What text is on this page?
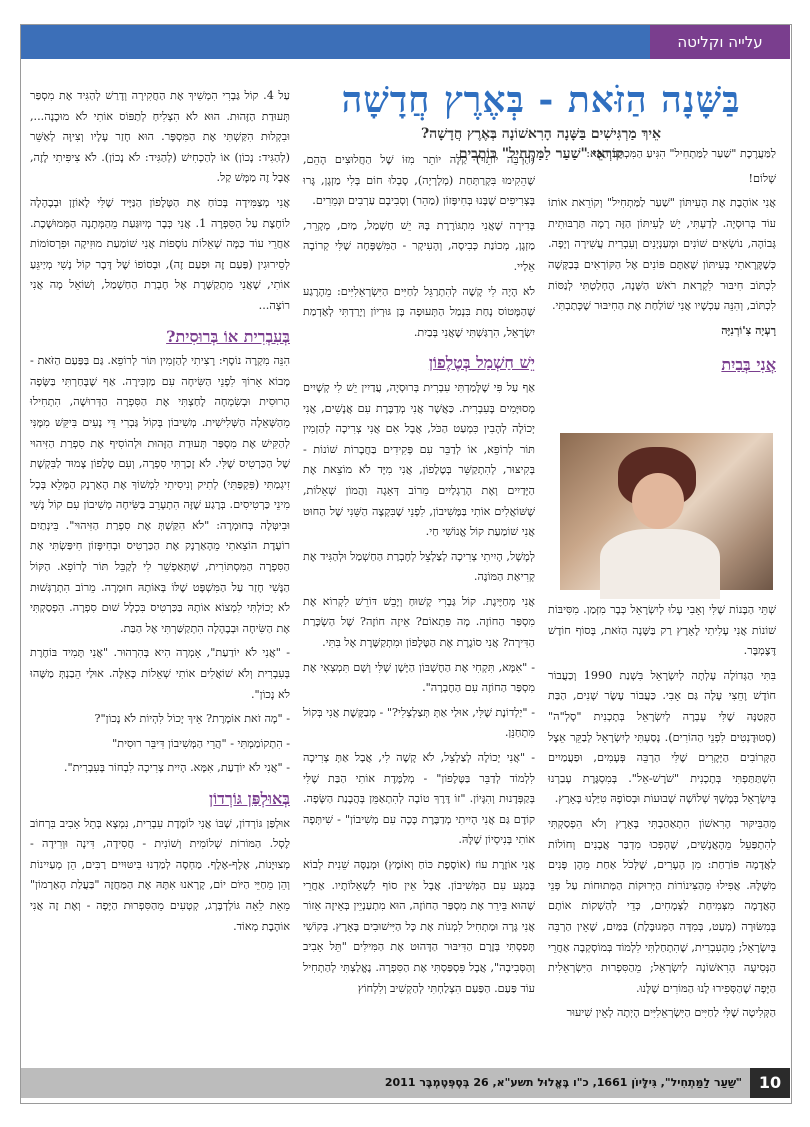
עלייה וקליטה
בַּשָּׁנָה הַזֹּאת - בְּאֶרֶץ חֲדָשָׁה
אֵיךְ מַרְגִּישִׁים בַּשָּׁנָה הָרִאשׁוֹנָה בְּאֶרֶץ חֲדָשָׁה?
קוֹרְאֵי "שַׁעַר לַמַּתְחִיל" כּוֹתְבִים

לַמַּעֲרֶכֶת "שַׁעַר לַמַּתְחִיל" הִגִּיעַ הַמִּכְתָּב הַבָּא:

שָׁלוֹם!

אֲנִי אוֹהֶבֶת אֶת הָעִיתּוֹן "שַׁעַר לַמַּתְחִיל" וְקוֹרֵאת אוֹתוֹ עוֹד בְּרוּסְיָה. לְדַעְתִּי, יֵשׁ לָעִיתּוֹן הַזֶּה רָמָה תַּרְבּוּתִית גְּבוֹהָה, נוֹשְׂאִים שׁוֹנִים וּמְעַנְיְנִים וְעִבְרִית עֲשִׁירָה וְיָפָה. כְּשֶׁקָּרָאתִי בָּעִיתּוֹן שֶׁאַתֶּם פּוֹנִים אֶל הַקּוֹרְאִים בְּבַקָּשָׁה לִכְתּוֹב חִיבּוּר לִקְרַאת רֹאשׁ הַשָּׁנָה, הֶחְלַטְתִּי לְנַסּוֹת לִכְתּוֹב, וְהִנֵּה עַכְשָׁיו אֲנִי שׁוֹלַחַת אֶת הַחִיבּוּר שֶׁכָּתַבְתִּי.

רָעְיָה צִ'וֹרְנִיָּה

אֲנִי בְּבַיִת

שְׁתֵּי הַבָּנוֹת שֶׁלִּי וְאָבִי עָלוּ לְיִשְׂרָאֵל כְּבָר מִזְּמַן. מִסִּיבּוֹת שׁוֹנוֹת אֲנִי עָלִיתִי לָאָרֶץ רַק בַּשָּׁנָה הַזֹּאת, בְּסוֹף חוֹדֶשׁ דֶּצֶמְבֶּר.

בִּתִּי הַגְּדוֹלָה עָלְתָה לְיִשְׂרָאֵל בִּשְׁנַת 1990 וְכַעֲבוֹר חוֹדֶשׁ וָחֵצִי עָלָה גַּם אָבִי. כַּעֲבוֹר עֶשֶׂר שָׁנִים, הַבַּת הַקְּטַנָּה שֶׁלִּי עָבְרָה לְיִשְׂרָאֵל בְּתָכְנִית "סָלְ"ה" (סְטוּדֶנְטִים לִפְנֵי הַהוֹרִים). נָסַעְתִּי לְיִשְׂרָאֵל לְבַקֵּר אֵצֶל הַקְּרוֹבִים הַיְּקָרִים שֶׁלִּי הַרְבֵּה פְּעָמִים, וּפַעֲמַיִים הִשְׁתַּתַּפְתִּי בְּתָכְנִית "שֹׁרֶשׁ-אֵל". בְּמִסְגֶּרֶת עָבַרְנוּ בְּיִשְׂרָאֵל בְּמֶשֶׁךְ שְׁלוֹשָׁה שָׁבוּעוֹת וּבְסוֹפָהּ טִיַּלְנוּ בָּאָרֶץ.

מֵהַבִּיקּוּר הָרִאשׁוֹן הִתְאַהַבְתִּי בָּאָרֶץ וְלֹא הִפְסַקְתִּי לְהִתְפַּעֵל מֵהָאֲנָשִׁים, שֶׁהָפְכוּ מִדְבַּר אֲבָנִים וְחוֹלוֹת לַאֲדָמָה פּוֹרַחַת: מִן הֶעָרִים, שֶׁלְּכֹל אַחַת מֵהֶן פָּנִים מִשֶּׁלָּהּ. אֲפִילוּ מֵהַצִּינוֹרוֹת הַיְּרוּקוֹת הַמְּתוּחוֹת עַל פְּנֵי הָאֲדָמָה מִצְּמִיחַת לַצְּמָחִים, כְּדֵי לְהַשְׁקוֹת אוֹתָם בְּמִשּׂוּרָה (מְעַט, בְּמִדָּה הַמְּגוּבֶּלֶת) בַּמַּיִם, שֶׁאֵין הַרְבֵּה בְּיִשְׂרָאֵל; מֵהָעִבְרִית, שֶׁהִתְחַלְתִּי לִלְמוֹד בְּמוֹסְקְבָה אַחֲרֵי הַנְּסִיעָה הָרִאשׁוֹנָה לְיִשְׂרָאֵל; מֵהַסִּפְרוּת הַיִּשְׂרְאֵלִית הַיָּפָה שֶׁהַסְּפִירוּ לָנוּ הַמּוֹרִים שֶׁלָּנוּ.

הַקְּלִיטָה שֶׁלִּי לַחַיִּים הַיִּשְׂרְאֵלִיִּים הָיְתָה לְאֵין שִׁיעוּר

(הַרְבֵּה יוֹתֵר) קַלָּה יוֹתֵר מִזּוֹ שֶׁל הַחֲלוּצִים הָהֵם, שֶׁהֵקִימוּ בִּקְרַתְּחַת (מְלָרְיָה), סָבְלוּ חוֹם בְּלִי מַזְגָן, גָּרוּ בְּצְרִיפִים שֶׁבָּנוּ בְּחִיפָּזוֹן (מַהֵר) וְסְבִיבָם עַרְבִים וּנְמֵרִים.

בְּדִירָה שֶׁאֲנִי מִתְגּוֹרֶרֶת בָּהּ יֵשׁ חַשְׁמַל, מַיִם, מְקָרֵר, מַזְגָן, מְכוֹנַת כְּבִיסָה, וְהָעִיקָר - הַמִּשְׁפָּחָה שֶׁלִּי קְרוֹבָה אֵלַיי.

לֹא הָיָה לִי קָשֶׁה לְהִתְרַגֵּל לַחַיִּים הַיִּשְׂרְאֵלִיִּים: מֵהָרֶגַע שֶׁהַמָּטוֹס נָחַת בִּנְמַל הַתְּעוּפָה בֶּן גּוּרְיוֹן וְיָרַדְתִּי לְאַדְמַת יִשְׂרָאֵל, הִרְגַּשְׁתִּי שֶׁאֲנִי בְּבַיִת.

יֵשׁ חַשְׁמַל בְּטֶלֶפוֹן

אַף עַל פִּי שֶׁלָּמַדְתִּי עִבְרִית בְּרוּסְיָה, עֲדַיִין יֵשׁ לִי קְשָׁיִים מְסוּיָּמִים בָּעִבְרִית. כַּאֲשֶׁר אֲנִי מְדַבֶּרֶת עִם אֲנָשִׁים, אֲנִי יְכוֹלָה לְהָבִין כִּמְעַט הַכֹּל, אֲבָל אִם אֲנִי צְרִיכָה לְהַזְמִין תּוֹר לְרוֹפֵא, אוֹ לְדַבֵּר עִם פְּקִידִים בַּחֲבָרוֹת שׁוֹנוֹת - בְּקִיצּוּר, לְהִתְקַשֵּׁר בְּטֶלֶפוֹן, אֲנִי מִיָּד לֹא מוֹצֵאת אֶת הַיָּדַיִים וְאֶת הָרַגְלַיִים מֵרוֹב דְּאָגָה וַהֲמוֹן שְׁאֵלוֹת, שֶׁשּׁוֹאֲלִים אוֹתִי בַּמֶּשִׁיבוֹן, לִפְנֵי שֶׁבִּקְצֶה הַשֵּׁנִי שֶׁל הַחוּט אֲנִי שׁוֹמַעַת קוֹל אֱנוֹשִׁי חַי.

לְמָשָׁל, הָיִיתִי צְרִיכָה לְצַלְצֵל לְחֶבְרַת הַחַשְׁמַל וּלְהַגִּיד אֶת קְרִיאַת הַמּוֹנֶה.

אֲנִי מְחַיֶּיגֶת. קוֹל גַּבְרִי קָשׁוּחַ וְיָבֵשׁ דּוֹרֵשׁ לִקְרוֹא אֶת מִסְפַּר הַחוֹזֶה. מָה פִּתְאוֹם? אֵיזֶה חוֹזֶה? שֶׁל הַשְׂכָּרַת הַדִּירָה? אֲנִי סוֹגֶרֶת אֶת הַטֶּלֶפוֹן וּמִתְקַשֶּׁרֶת אֶל בִּתִּי.

- "אִמָּא, תִּקְחִי אֶת הַחֶשְׁבּוֹן הַיָּשָׁן שֶׁלִּי וְשָׁם תִּמְצְאִי אֶת מִסְפַּר הַחוֹזֶה עִם הַחֶבְרָה".

- "יַלְדוֹנֶת שֶׁלִּי, אוּלַי אַתְּ תְּצַלְצְלִי?" - מְבַקֶּשֶׁת אֲנִי בְּקוֹל מִתְחַנֵּן.

- "אֲנִי יְכוֹלָה לְצַלְצֵל, לֹא קָשֶׁה לִי, אֲבָל אַתְּ צְרִיכָה לִלְמוֹד לְדַבֵּר בַּטֶּלֶפוֹן" - מְלַמֶּדֶת אוֹתִי הַבַּת שֶׁלִּי בְּקַפְּדָנוּת וְהִגָּיוֹן. "זוֹ דֶּרֶךְ טוֹבָה לְהִתְאַמֵּן בְּהֲבָנַת הַשָּׂפָה. קוֹדֶם גַּם אֲנִי הָיִיתִי מְדַבֶּרֶת כָּכָה עִם מְשִׁיבוֹן" - שִׁיתְּפָה אוֹתִי בְּנִיסְיוֹן שֶׁלָּהּ.

אֲנִי אוֹזֶרֶת עוֹז (אוֹסֶפֶת כּוֹחַ וְאוֹמֶץ) וּמְנַסָּה שֵׁנִית לְבוֹא בְּמַגָּע עִם הַמְּשִׁיבוֹן. אֲבָל אֵין סוֹף לִשְׁאֵלוֹתָיו. אַחֲרֵי שֶׁהוּא בֵּירֵר אֶת מִסְפַּר הַחוֹזֶה, הוּא מִתְעַנְיֵין בְּאֵיזֶה אֵזוֹר אֲנִי גָּרָה וּמַתְחִיל לִמְנוֹת אֶת כָּל הַיִּישׁוּבִים בָּאָרֶץ. בְּקוֹשִׁי תָּפַסְתִּי בְּזֶרֶם הַדִּיבּוּר הַדָּהוּט אֶת הַמִּילִּים "תֵּל אָבִיב וְהַסְּבִיבָה", אֲבָל פִּסְפַּסְתִּי אֶת הַסִּפְרָה. נֶאֱלַצְתִּי לְהַתְחִיל עוֹד פַּעַם. הַפַּעַם הִצְלַחְתִּי לְהַקְשִׁיב וְלִלְחוֹץ

עַל 4. קוֹל גַּבְרִי הִמְשִׁיךְ אֶת הַחֲקִירָה וְדָרַשׁ לְהַגִּיד אֶת מִסְפַּר תְּעוּדַת הַזֶּהוּת. הוּא לֹא הִצְלִיחַ לְתַפּוֹס אוֹתִי לֹא מוּכָנָה..., וּבִקְלוּת הִקַּשְׁתִּי אֶת הַמִּסְפָּר. הוּא חָזַר עָלָיו וְצִיוָּה לְאַשֵּׁר (לְהַגִּיד: נָכוֹן) אוֹ לְהַכְחִישׁ (לְהַגִּיד: לֹא נָכוֹן). לֹא צִיפִּיתִי לָזֶה, אֲבָל זֶה מַמָּשׁ קַל.

אֲנִי מְצַמִּידָה בְּכוֹחַ אֶת הַטֶּלֶפוֹן הַנַּיָּיד שֶׁלִּי לָאוֹזֶן וּבְבֶהָלָה לוֹחֶצֶת עַל הַסִּפְרָה 1. אֲנִי כְּבָר מְיוּגַּעַת מֵהַמְּתָנָה הַמְּמוּשֶׁכֶת. אַחֲרֵי עוֹד כַּמָּה שְׁאֵלוֹת נוֹסָפוֹת אֲנִי שׁוֹמַעַת מוּזִיקָה וּפִרְסוֹמוֹת לְסֵירוּגִין (פַּעַם זֶה וּפַעַם זֶה), וּבְסוֹפוֹ שֶׁל דָּבָר קוֹל נָשִׁי מְיַיגֵּעַ אוֹתִי, שֶׁאֲנִי מִתְקַשֶּׁרֶת אֶל חֶבְרַת הַחַשְׁמַל, וְשׁוֹאֵל מָה אֲנִי רוֹצָה...

בְּעִבְרִית אוֹ בְּרוּסִית?

הִנֵּה מִקְרֶה נוֹסָף: רָצִיתִי לְהַזְמִין תּוֹר לְרוֹפֵא. גַּם בַּפַּעַם הַזֹּאת - מָבוֹא אָרוֹךְ לִפְנֵי הַשִּׂיחָה עִם מַזְכִּירָה. אַף שֶׁבָּחַרְתִּי בַּשָּׂפָה הָרוּסִית וּבְשִׂמְחָה לָחַצְתִּי אֶת הַסִּפְרָה הַדְּרוּשָׁה, הִתְחִילוּ מֵהַשְּׁאֵלָה הַשְּׁלִישִׁית. מְשִׁיבוֹן בְּקוֹל גַּבְרִי דֵּי נָעִים בִּיקֵּשׁ מִמֶּנִּי לְהַקִּישׁ אֶת מִסְפַּר תְּעוּדַת הַזֶּהוּת וּלְהוֹסִיף אֶת סִפְרַת הַזִּיהוּי שֶׁל הַכַּרְטִיס שֶׁלִּי. לֹא זָכַרְתִּי סִפְרָה, וְעִם טֶלֶפוֹן צָמוּד לַבִּקְשָׁת זִיגְמַתִּי (פִּקְפַּתִּי) לְתִיק וְנִיסִיתִי לִמְשׁוֹךְ אֶת הָאַרְנָק הַמָּלֵא בְּכָל מִינֵי כַּרְטִיסִים. בְּרֶגַע שֶׁזֶּה הִתְעָרֵב בַּשִּׂיחָה מְשִׁיבוֹן עִם קוֹל נָשִׁי וּבִיטְּלָה בְּחוּמְרָה: "לֹא הִקַּשְׁתְּ אֶת סִפְרַת הַזִּיהוּי". בֵּינְתַיִם רוֹעֶדֶת הוֹצֵאתִי מֵהָאַרְנָק אֶת הַכַּרְטִיס וּבְחִיפָּזוֹן חִיפַּשְׂתִּי אֶת הַסִּפְרָה הַמִּסְתּוֹרִית, שֶׁתְּאַפְשֵׁר לִי לְקַבֵּל תּוֹר לָרוֹפֵא. הַקּוֹל הַנָּשִׁי חָזַר עַל הַמִּשְׁפָּט שֶׁלּוֹ בְּאוֹתָהּ חוּמְרָה. מֵרוֹב הִתְרַגְּשׁוּת לֹא יָכוֹלְתִּי לִמְצוֹא אוֹתָהּ בַּכַּרְטִיס בִּכְלָל שׁוּם סִפְרָה. הִפְסַקְתִּי אֶת הַשִּׂיחָה וּבְבֶהָלָה הִתְקַשַּׁרְתִּי אֶל הַבַּת.

- "אֲנִי לֹא יוֹדַעַת", אָמְרָה הִיא בְּהִרְהוּר. "אֲנִי תָּמִיד בּוֹחֶרֶת בְּעִבְרִית וְלֹא שׁוֹאֲלִים אוֹתִי שְׁאֵלוֹת כָּאֵלֶּה. אוּלַי הֵבַנְתְּ מַשֶּׁהוּ לֹא נָכוֹן".

- "מָה זֹאת אוֹמֶרֶת? אֵיךְ יָכוֹל לִהְיוֹת לֹא נָכוֹן"?

- הִתְקוֹמַמְתִּי - "הֲרֵי הַמְּשִׁיבוֹן דִּיבֵּר רוּסִית"

- "אֲנִי לֹא יוֹדַעַת, אִמָּא. הָיִית צְרִיכָה לִבְחוֹר בְּעִבְרִית".

בְּאוּלְפַּן גּוֹרְדוֹן

אוּלְפַּן גּוֹרְדוֹן, שֶׁבּוֹ אֲנִי לוֹמֶדֶת עִבְרִית, נִמְצָא בְּתֵל אָבִיב בִּרְחוֹב לֶסְל. הַמּוֹרוֹת שְׁלוֹמִית וְשׁוֹנִית - חֲסִידָה, דִּינָה וּוְרִידָה - מְצוּיָּנוֹת, אֶלֶף-אֶלֶף. מַחְסָה לְמַדְנוּ בִּיטּוּיִים רַבִּים, הֵן מְעַיִינוֹת וְהֵן מֵחַיֵּי הַיּוֹם יוֹם, קָרָאנוּ אִתָּהּ אֶת הַמַּחֲזֶה "בַּעֲלַת הָאַרְמוֹן" מֵאֵת לֵאָה גּוֹלְדְבֶּרְג, קְטָעִים מֵהַסִּפְרוּת הַיָּפָה - וְאֶת זֶה אֲנִי אוֹהֶבֶת מְאוֹד.

10
"שַׁעַר לַמַּתְחִיל", גִּילָּיוֹן 1661, כ"ו בֶּאֱלוּל תשע"א, 26 בְּסֶפְּטֶמְבֶּר 2011
